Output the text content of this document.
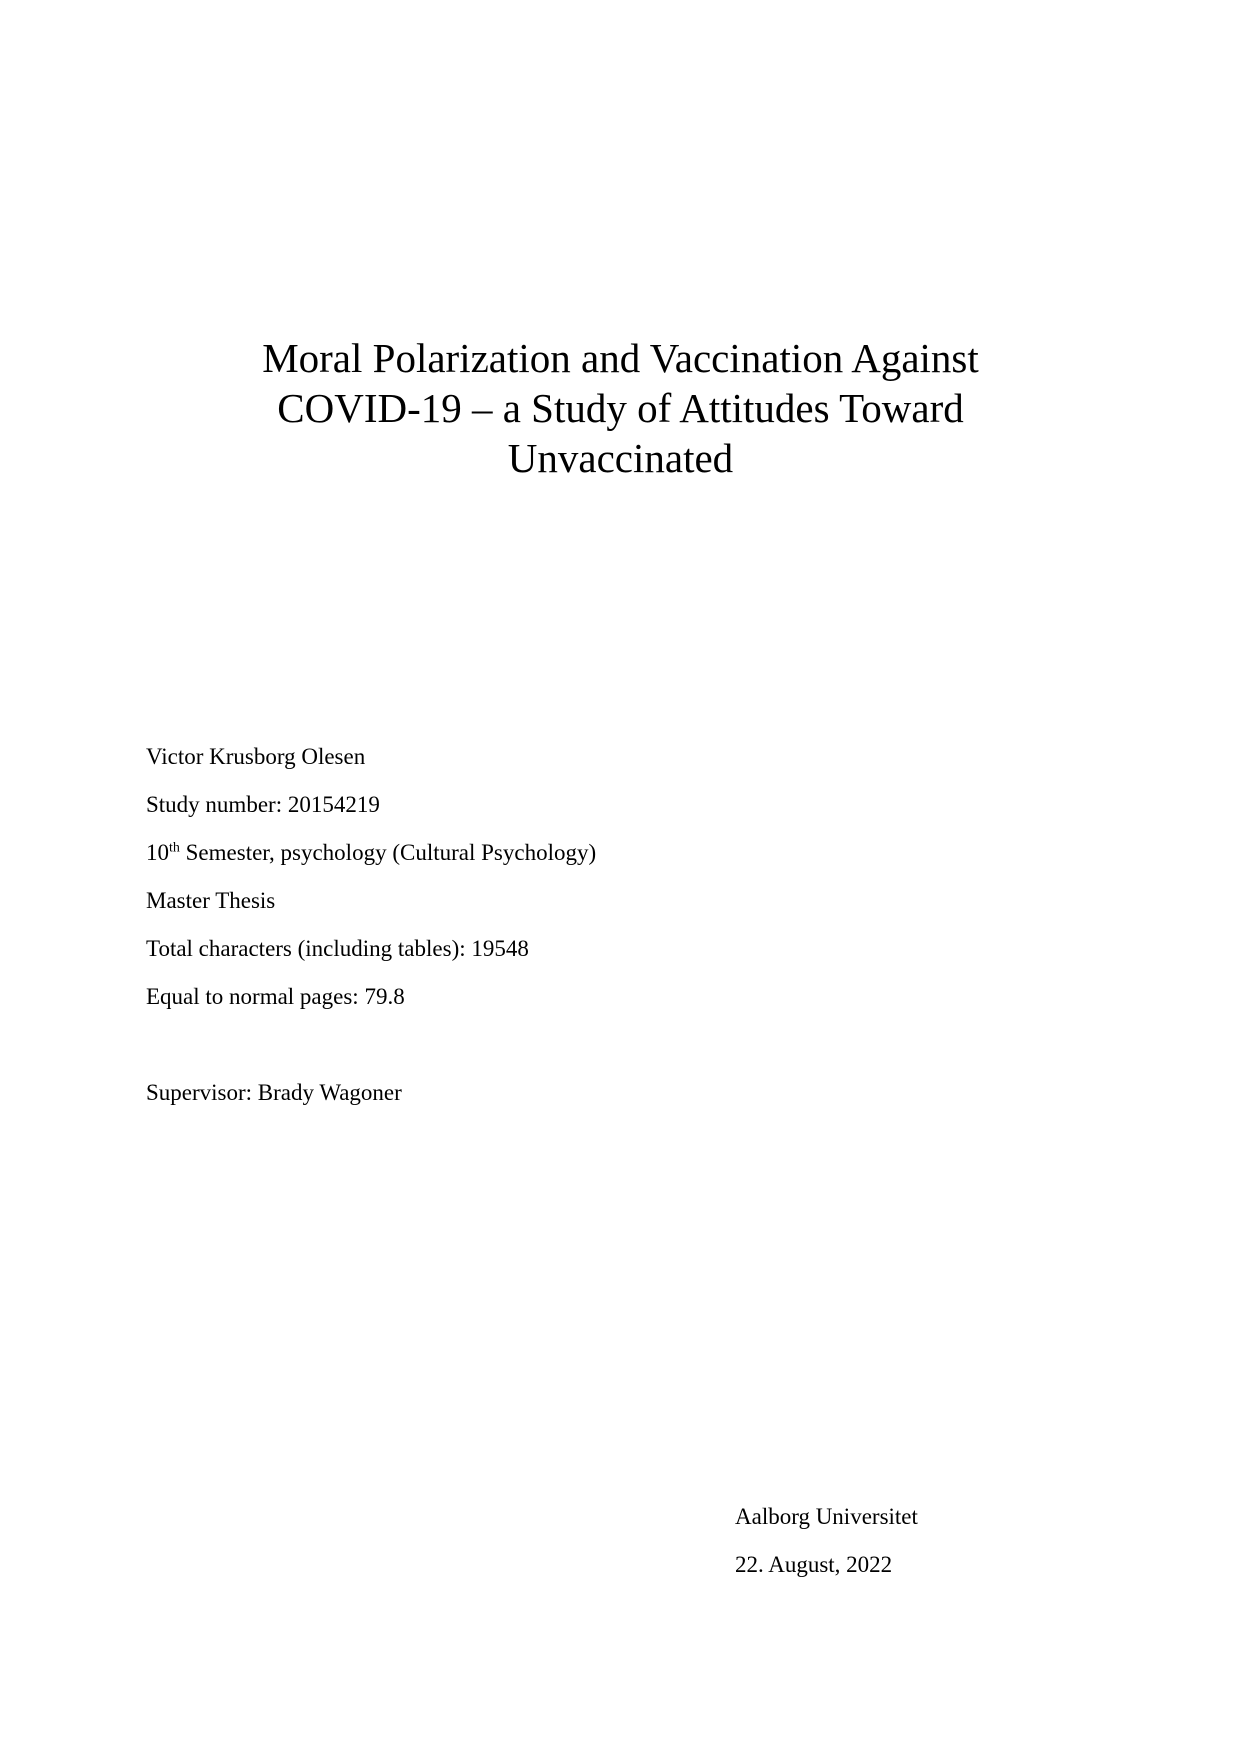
Moral Polarization and Vaccination Against
COVID-19 – a Study of Attitudes Toward
Unvaccinated
Victor Krusborg Olesen
Study number: 20154219
10th Semester, psychology (Cultural Psychology)
Master Thesis
Total characters (including tables): 19548
Equal to normal pages: 79.8
Supervisor: Brady Wagoner
Aalborg Universitet
22. August, 2022
